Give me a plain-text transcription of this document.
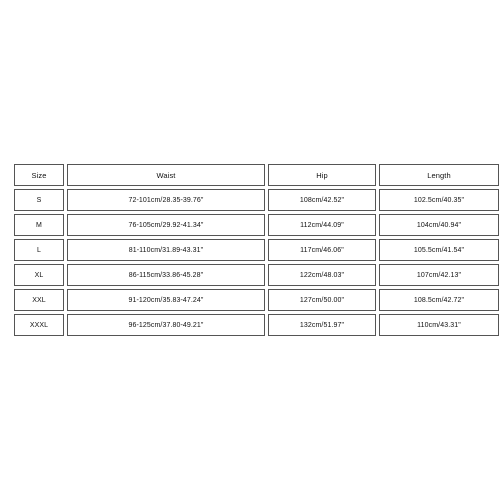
Size	Waist	Hip	Length
S	72-101cm/28.35-39.76"	108cm/42.52"	102.5cm/40.35"
M	76-105cm/29.92-41.34"	112cm/44.09"	104cm/40.94"
L	81-110cm/31.89-43.31"	117cm/46.06"	105.5cm/41.54"
XL	86-115cm/33.86-45.28"	122cm/48.03"	107cm/42.13"
XXL	91-120cm/35.83-47.24"	127cm/50.00"	108.5cm/42.72"
XXXL	96-125cm/37.80-49.21"	132cm/51.97"	110cm/43.31"
